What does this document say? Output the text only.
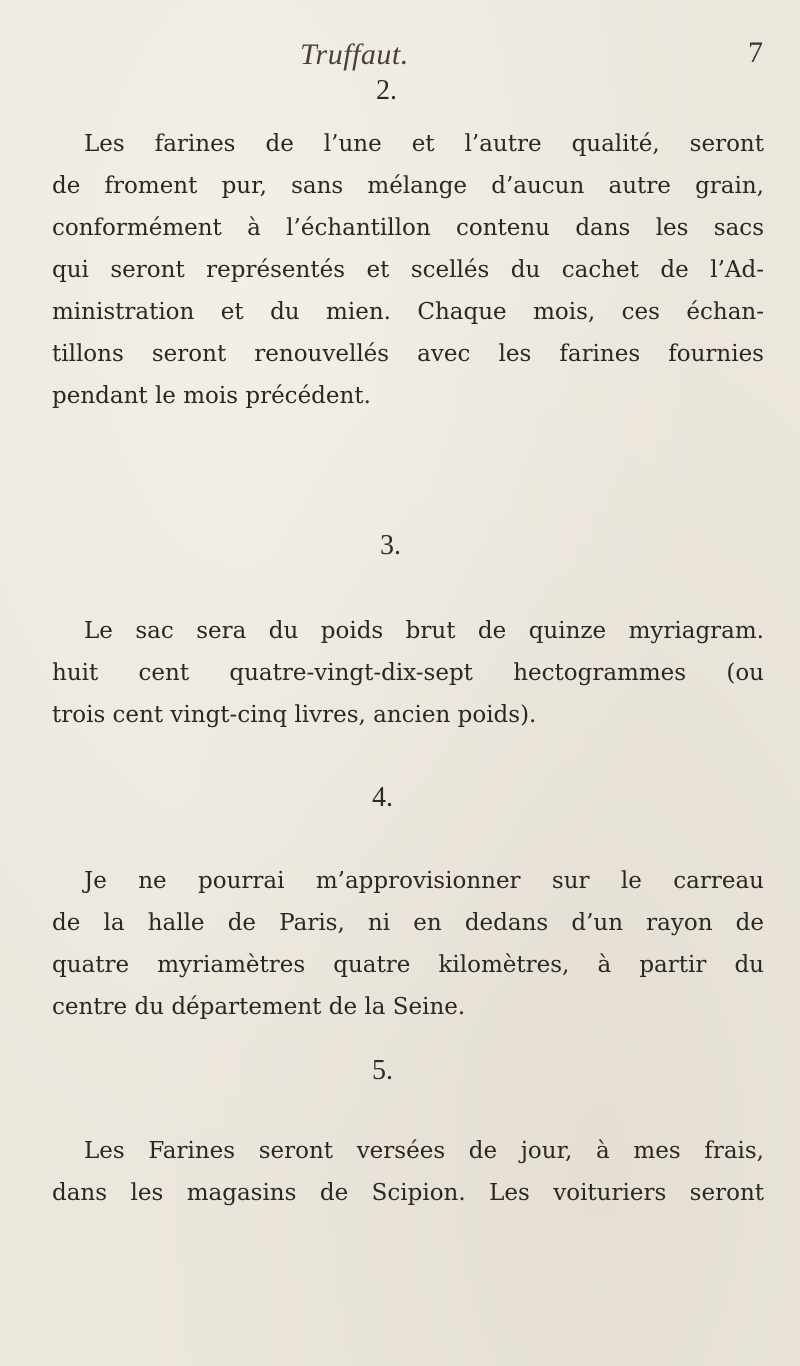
Truffaut.	7
2.
Les farines de l’une et l’autre qualité, seront
de froment pur, sans mélange d’aucun autre grain,
conformément à l’échantillon contenu dans les sacs
qui seront représentés et scellés du cachet de l’Ad-
ministration et du mien. Chaque mois, ces échan-
tillons seront renouvellés avec les farines fournies
pendant le mois précédent.
3.
Le sac sera du poids brut de quinze myriagram.
huit cent quatre-vingt-dix-sept hectogrammes (ou
trois cent vingt-cinq livres, ancien poids).
4.
Je ne pourrai m’approvisionner sur le carreau
de la halle de Paris, ni en dedans d’un rayon de
quatre myriamètres quatre kilomètres, à partir du
centre du département de la Seine.
5.
Les Farines seront versées de jour, à mes frais,
dans les magasins de Scipion. Les voituriers seront
